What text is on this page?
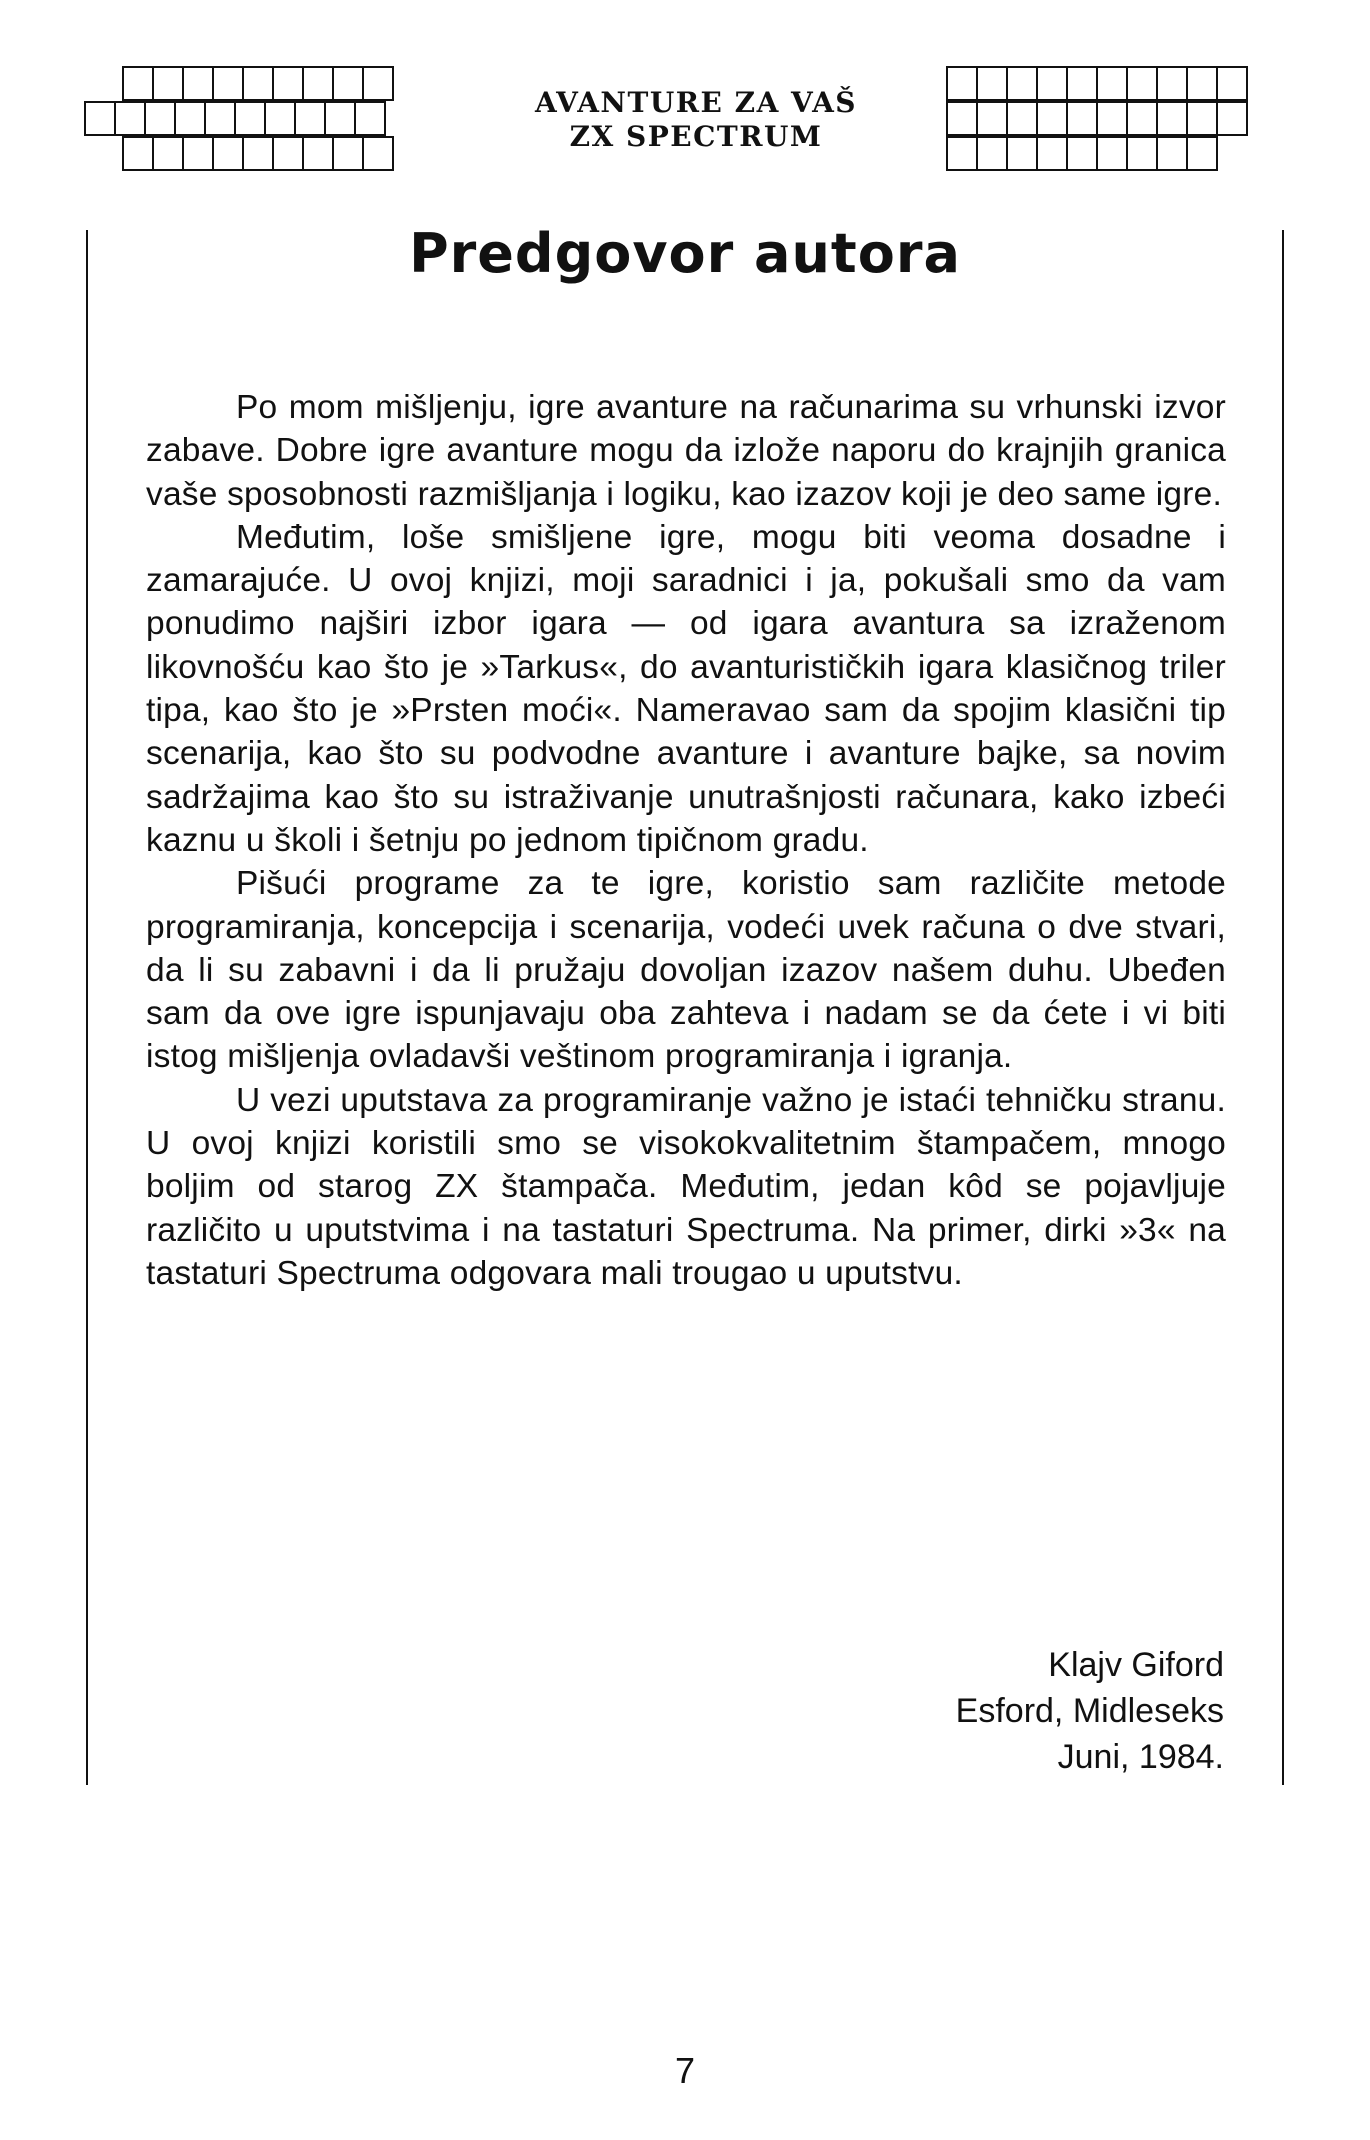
AVANTURE ZA VAŠ
ZX SPECTRUM

Predgovor autora

Po mom mišljenju, igre avanture na računarima su vrhunski izvor zabave. Dobre igre avanture mogu da izlože naporu do krajnjih granica vaše sposobnosti razmišljanja i logiku, kao izazov koji je deo same igre.

Međutim, loše smišljene igre, mogu biti veoma dosadne i zamarajuće. U ovoj knjizi, moji saradnici i ja, pokušali smo da vam ponudimo najširi izbor igara — od igara avantura sa izraženom likovnošću kao što je »Tarkus«, do avanturističkih igara klasičnog triler tipa, kao što je »Prsten moći«. Nameravao sam da spojim klasični tip scenarija, kao što su podvodne avanture i avanture bajke, sa novim sadržajima kao što su istraživanje unutrašnjosti računara, kako izbeći kaznu u školi i šetnju po jednom tipičnom gradu.

Pišući programe za te igre, koristio sam različite metode programiranja, koncepcija i scenarija, vodeći uvek računa o dve stvari, da li su zabavni i da li pružaju dovoljan izazov našem duhu. Ubeđen sam da ove igre ispunjavaju oba zahteva i nadam se da ćete i vi biti istog mišljenja ovladavši veštinom programiranja i igranja.

U vezi uputstava za programiranje važno je istaći tehničku stranu. U ovoj knjizi koristili smo se visokokvalitetnim štampačem, mnogo boljim od starog ZX štampača. Međutim, jedan kôd se pojavljuje različito u uputstvima i na tastaturi Spectruma. Na primer, dirki »3« na tastaturi Spectruma odgovara mali trougao u uputstvu.

Klajv Giford
Esford, Midleseks
Juni, 1984.
7
